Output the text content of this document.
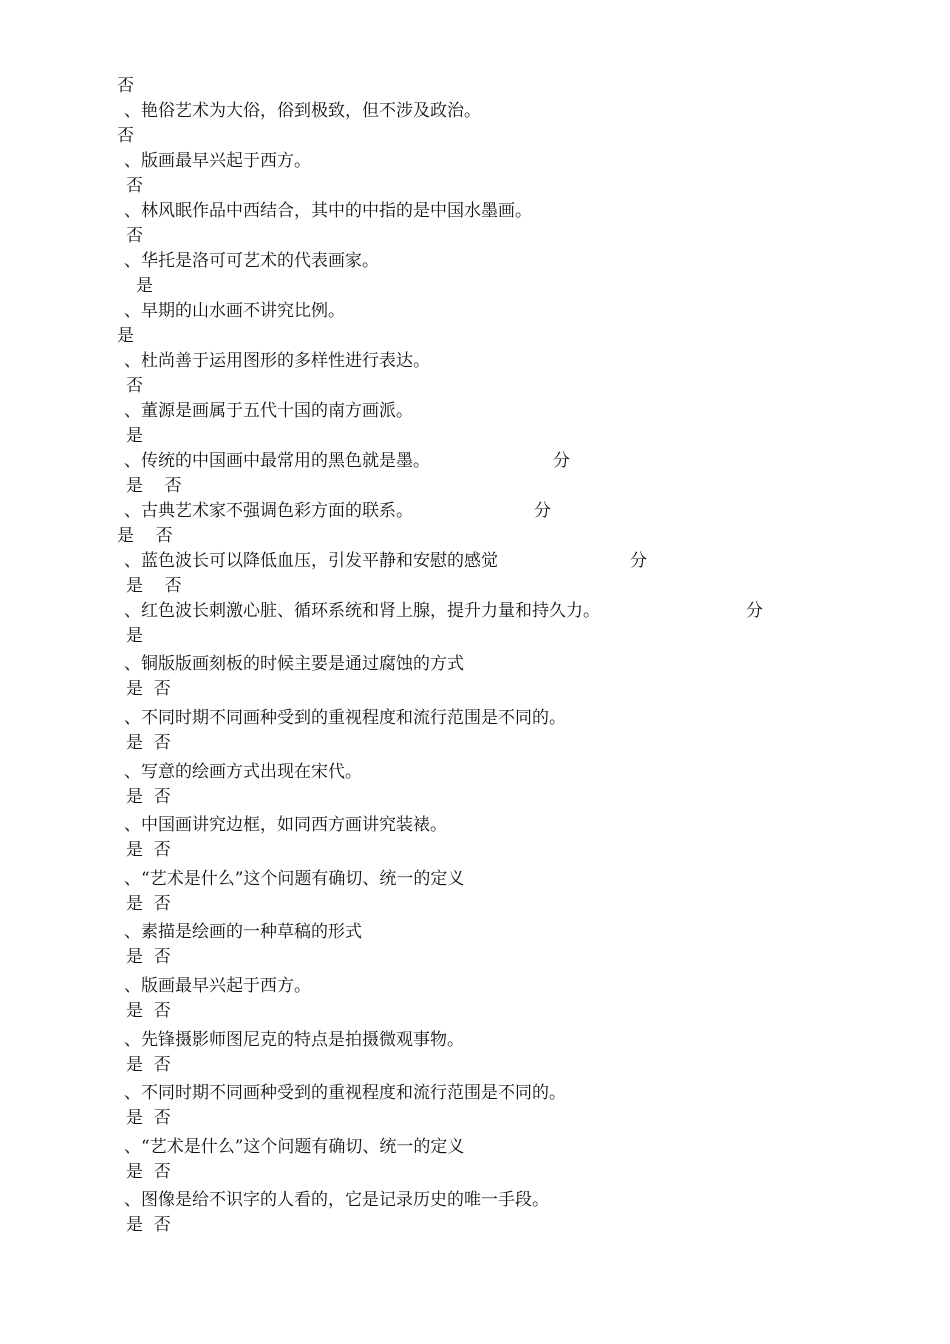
否
、艳俗艺术为大俗，俗到极致，但不涉及政治。
否
、版画最早兴起于西方。
否
、林风眠作品中西结合，其中的中指的是中国水墨画。
否
、华托是洛可可艺术的代表画家。
是
、早期的山水画不讲究比例。
是
、杜尚善于运用图形的多样性进行表达。
否
、董源是画属于五代十国的南方画派。
是
、传统的中国画中最常用的黑色就是墨。	分
是    否
、古典艺术家不强调色彩方面的联系。	分
是    否
、蓝色波长可以降低血压，引发平静和安慰的感觉	分
是    否
、红色波长刺激心脏、循环系统和肾上腺，提升力量和持久力。	分
是
、铜版版画刻板的时候主要是通过腐蚀的方式
是  否
、不同时期不同画种受到的重视程度和流行范围是不同的。
是  否
、写意的绘画方式出现在宋代。
是  否
、中国画讲究边框，如同西方画讲究装裱。
是  否
、“艺术是什么”这个问题有确切、统一的定义
是  否
、素描是绘画的一种草稿的形式
是  否
、版画最早兴起于西方。
是  否
、先锋摄影师图尼克的特点是拍摄微观事物。
是  否
、不同时期不同画种受到的重视程度和流行范围是不同的。
是  否
、“艺术是什么”这个问题有确切、统一的定义
是  否
、图像是给不识字的人看的，它是记录历史的唯一手段。
是  否
